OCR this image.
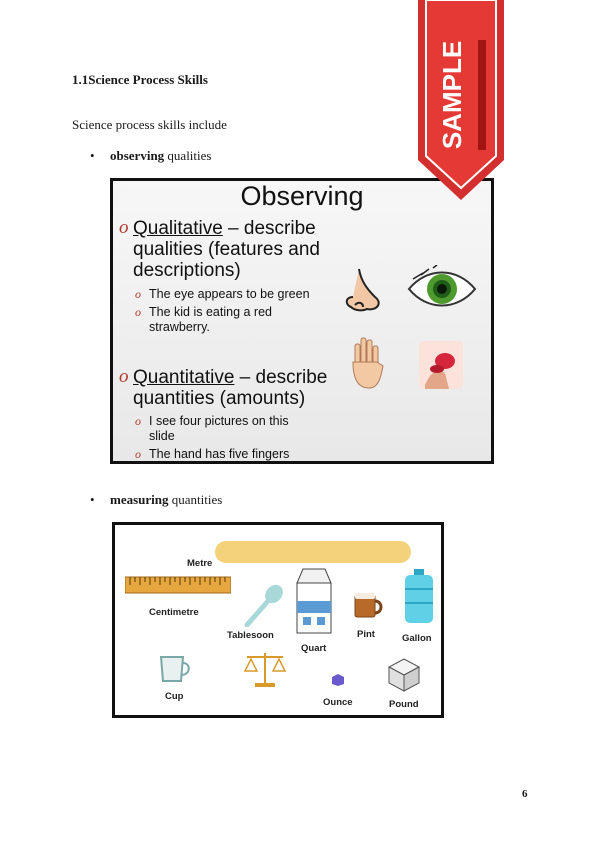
1.1Science Process Skills
Science process skills include
• observing qualities
Observing
o Qualitative – describe
qualities (features and
descriptions)
o The eye appears to be green
o The kid is eating a red
strawberry.
o Quantitative – describe
quantities (amounts)
o I see four pictures on this
slide
o The hand has five fingers
• measuring quantities
Metre
Centimetre
Tablesoon
Quart
Pint	Gallon
Cup
Ounce	Pound
SAMPLE
6
